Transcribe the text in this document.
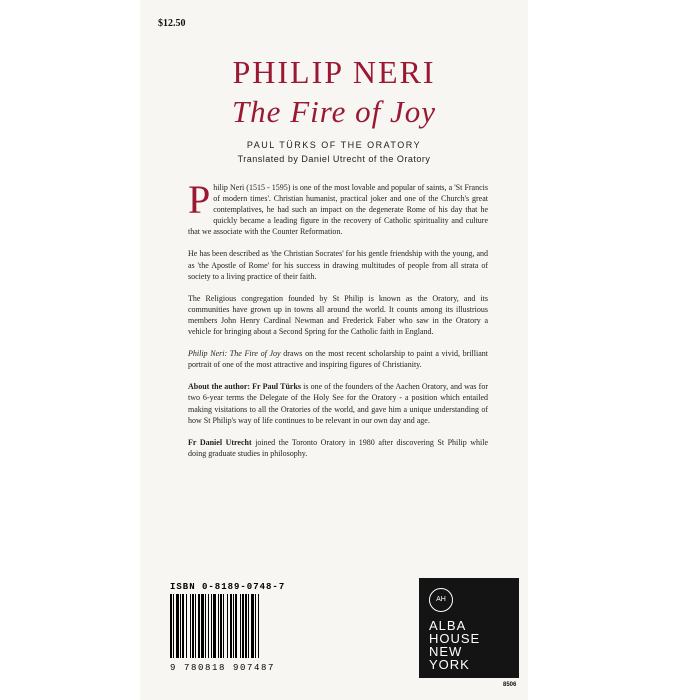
$12.50
PHILIP NERI
The Fire of Joy
PAUL TÜRKS OF THE ORATORY
Translated by Daniel Utrecht of the Oratory

Philip Neri (1515 - 1595) is one of the most lovable and popular of saints, a 'St Francis of modern times'. Christian humanist, practical joker and one of the Church's great contemplatives, he had such an impact on the degenerate Rome of his day that he quickly became a leading figure in the recovery of Catholic spirituality and culture that we associate with the Counter Reformation.

He has been described as 'the Christian Socrates' for his gentle friendship with the young, and as 'the Apostle of Rome' for his success in drawing multitudes of people from all strata of society to a living practice of their faith.

The Religious congregation founded by St Philip is known as the Oratory, and its communities have grown up in towns all around the world. It counts among its illustrious members John Henry Cardinal Newman and Frederick Faber who saw in the Oratory a vehicle for bringing about a Second Spring for the Catholic faith in England.

Philip Neri: The Fire of Joy draws on the most recent scholarship to paint a vivid, brilliant portrait of one of the most attractive and inspiring figures of Christianity.

About the author: Fr Paul Türks is one of the founders of the Aachen Oratory, and was for two 6-year terms the Delegate of the Holy See for the Oratory - a position which entailed making visitations to all the Oratories of the world, and gave him a unique understanding of how St Philip's way of life continues to be relevant in our own day and age.

Fr Daniel Utrecht joined the Toronto Oratory in 1980 after discovering St Philip while doing graduate studies in philosophy.

ISBN 0-8189-0748-7
9 780818 907487
AH
ALBA
HOUSE
NEW
YORK
8506
